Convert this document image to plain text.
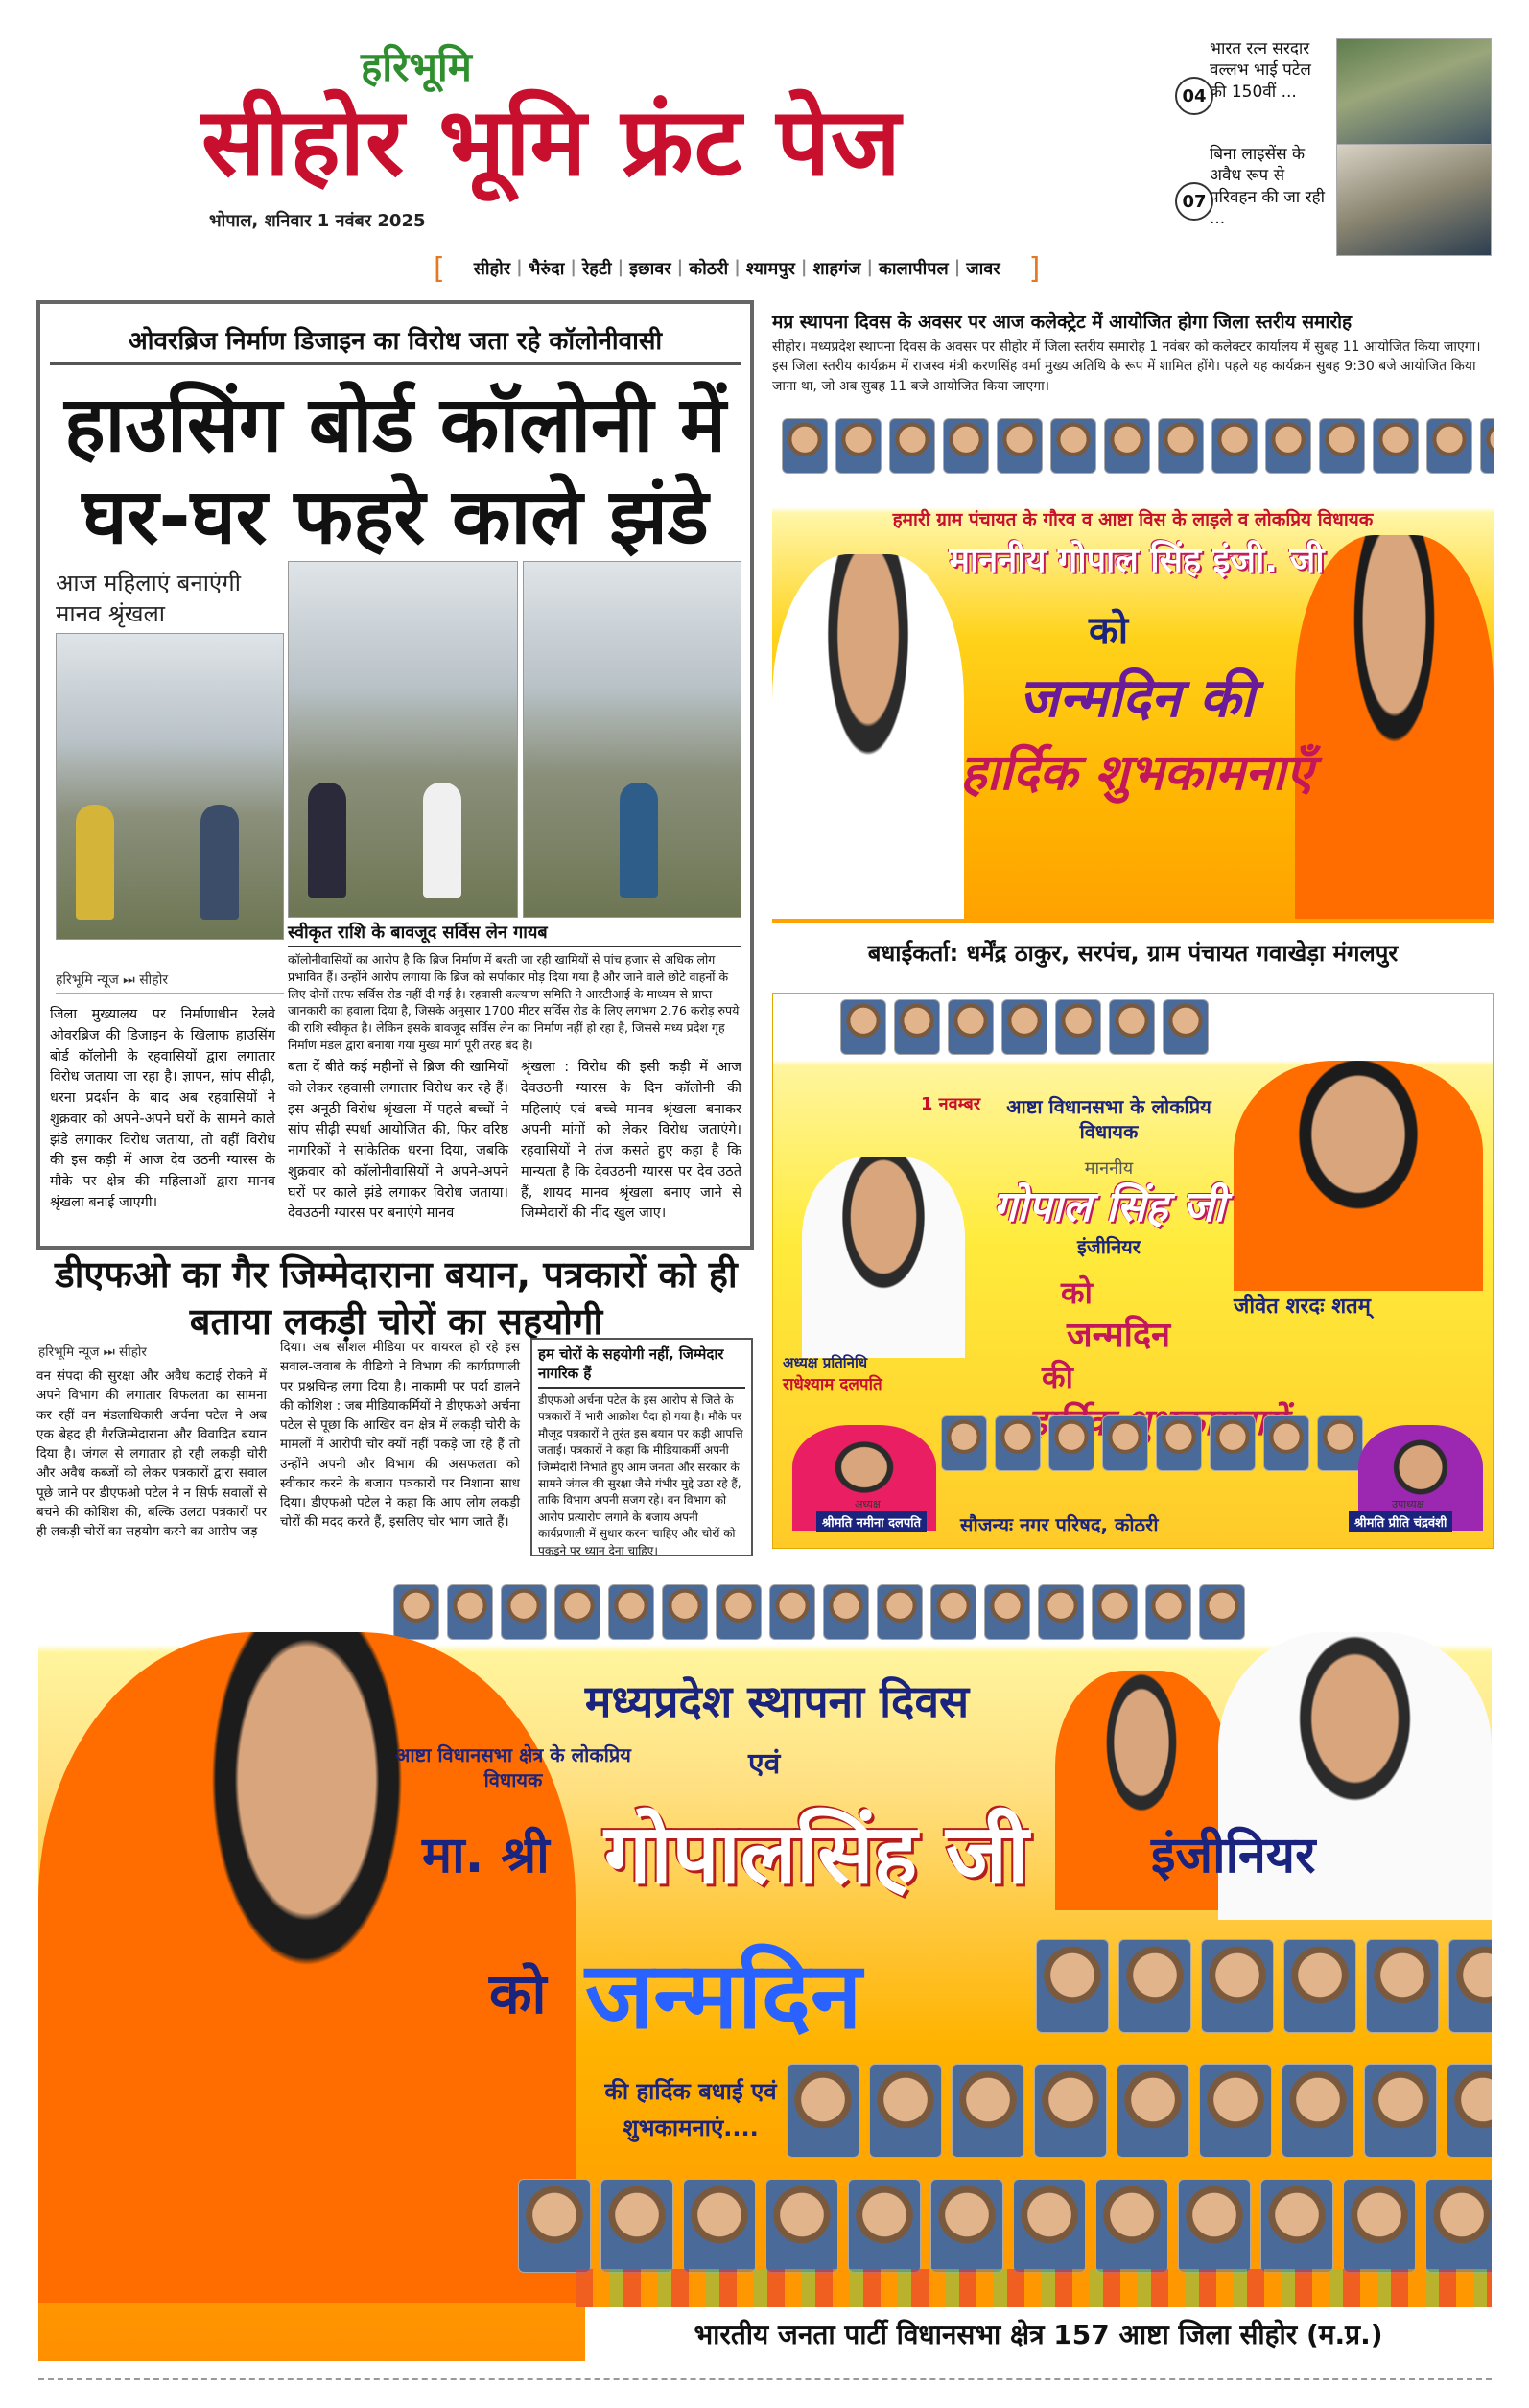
हरिभूमि
सीहोर भूमि फ्रंट पेज
भोपाल, शनिवार 1 नवंबर 2025
04
भारत रत्न सरदार वल्लभ भाई पटेल की 150वीं ...
07
बिना लाइसेंस के अवैध रूप से परिवहन की जा रही ...
[ सीहोर | भैरुंदा | रेहटी | इछावर | कोठरी | श्यामपुर | शाहगंज | कालापीपल | जावर ]
ओवरब्रिज निर्माण डिजाइन का विरोध जता रहे कॉलोनीवासी
हाउसिंग बोर्ड कॉलोनी में घर-घर फहरे काले झंडे
आज महिलाएं बनाएंगी मानव श्रृंखला
स्वीकृत राशि के बावजूद सर्विस लेन गायब
कॉलोनीवासियों का आरोप है कि ब्रिज निर्माण में बरती जा रही खामियों से पांच हजार से अधिक लोग प्रभावित हैं। उन्होंने आरोप लगाया कि ब्रिज को सर्पाकार मोड़ दिया गया है और जाने वाले छोटे वाहनों के लिए दोनों तरफ सर्विस रोड नहीं दी गई है। रहवासी कल्याण समिति ने आरटीआई के माध्यम से प्राप्त जानकारी का हवाला दिया है, जिसके अनुसार 1700 मीटर सर्विस रोड के लिए लगभग 2.76 करोड़ रुपये की राशि स्वीकृत है। लेकिन इसके बावजूद सर्विस लेन का निर्माण नहीं हो रहा है, जिससे मध्य प्रदेश गृह निर्माण मंडल द्वारा बनाया गया मुख्य मार्ग पूरी तरह बंद है।
हरिभूमि न्यूज ⏭ सीहोर
जिला मुख्यालय पर निर्माणाधीन रेलवे ओवरब्रिज की डिजाइन के खिलाफ हाउसिंग बोर्ड कॉलोनी के रहवासियों द्वारा लगातार विरोध जताया जा रहा है। ज्ञापन, सांप सीढ़ी, धरना प्रदर्शन के बाद अब रहवासियों ने शुक्रवार को अपने-अपने घरों के सामने काले झंडे लगाकर विरोध जताया, तो वहीं विरोध की इस कड़ी में आज देव उठनी ग्यारस के मौके पर क्षेत्र की महिलाओं द्वारा मानव श्रृंखला बनाई जाएगी।
बता दें बीते कई महीनों से ब्रिज की खामियों को लेकर रहवासी लगातार विरोध कर रहे हैं। इस अनूठी विरोध श्रृंखला में पहले बच्चों ने सांप सीढ़ी स्पर्धा आयोजित की, फिर वरिष्ठ नागरिकों ने सांकेतिक धरना दिया, जबकि शुक्रवार को कॉलोनीवासियों ने अपने-अपने घरों पर काले झंडे लगाकर विरोध जताया। देवउठनी ग्यारस पर बनाएंगे मानव
श्रृंखला : विरोध की इसी कड़ी में आज देवउठनी ग्यारस के दिन कॉलोनी की महिलाएं एवं बच्चे मानव श्रृंखला बनाकर अपनी मांगों को लेकर विरोध जताएंगे। रहवासियों ने तंज कसते हुए कहा है कि मान्यता है कि देवउठनी ग्यारस पर देव उठते हैं, शायद मानव श्रृंखला बनाए जाने से जिम्मेदारों की नींद खुल जाए।
डीएफओ का गैर जिम्मेदाराना बयान, पत्रकारों को ही बताया लकड़ी चोरों का सहयोगी
हरिभूमि न्यूज ⏭ सीहोर
वन संपदा की सुरक्षा और अवैध कटाई रोकने में अपने विभाग की लगातार विफलता का सामना कर रहीं वन मंडलाधिकारी अर्चना पटेल ने अब एक बेहद ही गैरजिम्मेदाराना और विवादित बयान दिया है। जंगल से लगातार हो रही लकड़ी चोरी और अवैध कब्जों को लेकर पत्रकारों द्वारा सवाल पूछे जाने पर डीएफओ पटेल ने न सिर्फ सवालों से बचने की कोशिश की, बल्कि उलटा पत्रकारों पर ही लकड़ी चोरों का सहयोग करने का आरोप जड़
दिया। अब सोशल मीडिया पर वायरल हो रहे इस सवाल-जवाब के वीडियो ने विभाग की कार्यप्रणाली पर प्रश्नचिन्ह लगा दिया है। नाकामी पर पर्दा डालने की कोशिश : जब मीडियाकर्मियों ने डीएफओ अर्चना पटेल से पूछा कि आखिर वन क्षेत्र में लकड़ी चोरी के मामलों में आरोपी चोर क्यों नहीं पकड़े जा रहे हैं तो उन्होंने अपनी और विभाग की असफलता को स्वीकार करने के बजाय पत्रकारों पर निशाना साध दिया। डीएफओ पटेल ने कहा कि आप लोग लकड़ी चोरों की मदद करते हैं, इसलिए चोर भाग जाते हैं।
हम चोरों के सहयोगी नहीं, जिम्मेदार नागरिक हैं
डीएफओ अर्चना पटेल के इस आरोप से जिले के पत्रकारों में भारी आक्रोश पैदा हो गया है। मौके पर मौजूद पत्रकारों ने तुरंत इस बयान पर कड़ी आपत्ति जताई। पत्रकारों ने कहा कि मीडियाकर्मी अपनी जिम्मेदारी निभाते हुए आम जनता और सरकार के सामने जंगल की सुरक्षा जैसे गंभीर मुद्दे उठा रहे हैं, ताकि विभाग अपनी सजग रहे। वन विभाग को आरोप प्रत्यारोप लगाने के बजाय अपनी कार्यप्रणाली में सुधार करना चाहिए और चोरों को पकड़ने पर ध्यान देना चाहिए।
मप्र स्थापना दिवस के अवसर पर आज कलेक्ट्रेट में आयोजित होगा जिला स्तरीय समारोह
सीहोर। मध्यप्रदेश स्थापना दिवस के अवसर पर सीहोर में जिला स्तरीय समारोह 1 नवंबर को कलेक्टर कार्यालय में सुबह 11 आयोजित किया जाएगा। इस जिला स्तरीय कार्यक्रम में राजस्व मंत्री करणसिंह वर्मा मुख्य अतिथि के रूप में शामिल होंगे। पहले यह कार्यक्रम सुबह 9:30 बजे आयोजित किया जाना था, जो अब सुबह 11 बजे आयोजित किया जाएगा।
हमारी ग्राम पंचायत के गौरव व आष्टा विस के लाड़ले व लोकप्रिय विधायक
माननीय गोपाल सिंह इंजी. जी
को
जन्मदिन की
हार्दिक शुभकामनाएँ
बधाईकर्ता: धर्मेंद्र ठाकुर, सरपंच, ग्राम पंचायत गवाखेड़ा मंगलपुर
1 नवम्बर	आष्टा विधानसभा के लोकप्रिय विधायक
माननीय
गोपाल सिंह जी
इंजीनियर
को
जन्मदिन
की
जीवेत शरदः शतम्
शुभकामनायें
अध्यक्ष प्रतिनिधि
राधेश्याम दलपति
अध्यक्ष	उपाध्यक्ष
श्रीमति नमीना दलपति	सौजन्यः नगर परिषद, कोठरी	श्रीमति प्रीति चंद्रवंशी
मध्यप्रदेश स्थापना दिवस
आष्टा विधानसभा क्षेत्र के लोकप्रिय विधायक	एवं
मा. श्री गोपालसिंह जी इंजीनियर
को जन्मदिन
की हार्दिक बधाई एवं शुभकामनाएं....
भारतीय जनता पार्टी विधानसभा क्षेत्र 157 आष्टा जिला सीहोर (म.प्र.)
